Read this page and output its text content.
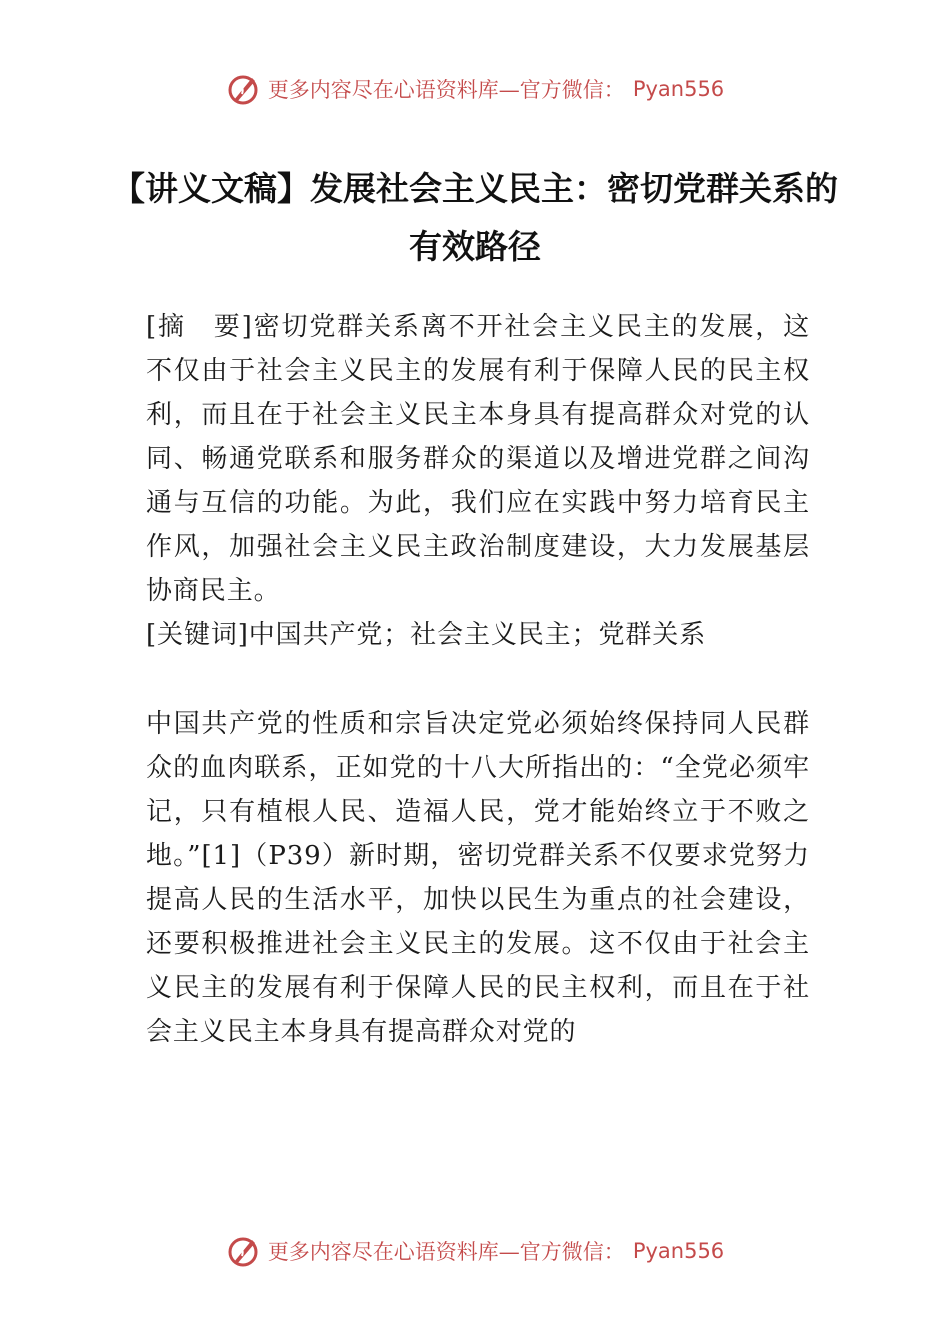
更多内容尽在心语资料库—官方微信： Pyan556
【讲义文稿】发展社会主义民主：密切党群关系的有效路径

[摘　要]密切党群关系离不开社会主义民主的发展，这不仅由于社会主义民主的发展有利于保障人民的民主权利，而且在于社会主义民主本身具有提高群众对党的认同、畅通党联系和服务群众的渠道以及增进党群之间沟通与互信的功能。为此，我们应在实践中努力培育民主作风，加强社会主义民主政治制度建设，大力发展基层协商民主。

[关键词]中国共产党；社会主义民主；党群关系

中国共产党的性质和宗旨决定党必须始终保持同人民群众的血肉联系，正如党的十八大所指出的：“全党必须牢记，只有植根人民、造福人民，党才能始终立于不败之地。”[1]（P39）新时期，密切党群关系不仅要求党努力提高人民的生活水平，加快以民生为重点的社会建设，还要积极推进社会主义民主的发展。这不仅由于社会主义民主的发展有利于保障人民的民主权利，而且在于社会主义民主本身具有提高群众对党的

更多内容尽在心语资料库—官方微信： Pyan556
